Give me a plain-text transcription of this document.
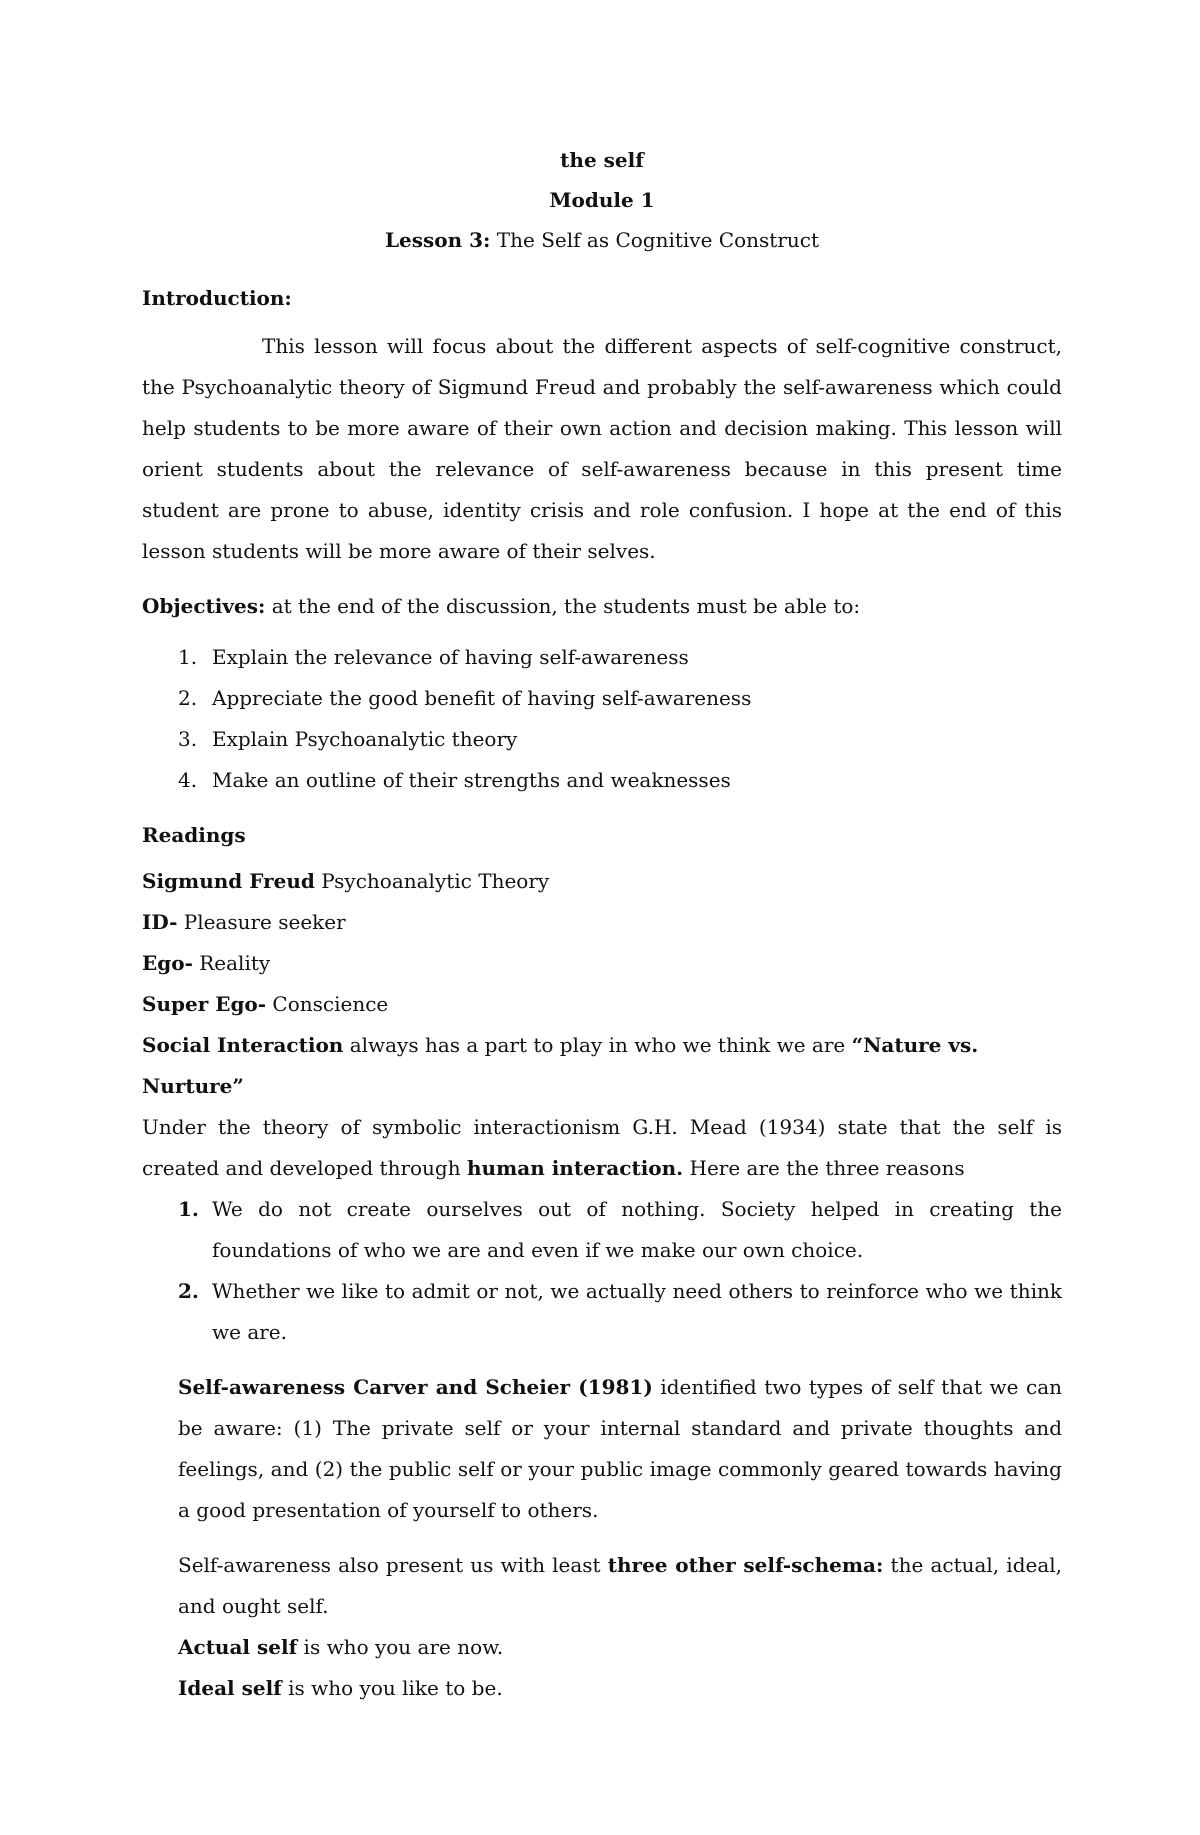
the self
Module 1
Lesson 3: The Self as Cognitive Construct
Introduction:

This lesson will focus about the different aspects of self-cognitive construct, the Psychoanalytic theory of Sigmund Freud and probably the self-awareness which could help students to be more aware of their own action and decision making. This lesson will orient students about the relevance of self-awareness because in this present time student are prone to abuse, identity crisis and role confusion. I hope at the end of this lesson students will be more aware of their selves.

Objectives: at the end of the discussion, the students must be able to:
1. Explain the relevance of having self-awareness
2. Appreciate the good benefit of having self-awareness
3. Explain Psychoanalytic theory
4. Make an outline of their strengths and weaknesses
Readings
Sigmund Freud Psychoanalytic Theory
ID- Pleasure seeker
Ego- Reality
Super Ego- Conscience
Social Interaction always has a part to play in who we think we are “Nature vs. Nurture”
Under the theory of symbolic interactionism G.H. Mead (1934) state that the self is created and developed through human interaction. Here are the three reasons
1. We do not create ourselves out of nothing. Society helped in creating the foundations of who we are and even if we make our own choice.
2. Whether we like to admit or not, we actually need others to reinforce who we think we are.

Self-awareness Carver and Scheier (1981) identified two types of self that we can be aware: (1) The private self or your internal standard and private thoughts and feelings, and (2) the public self or your public image commonly geared towards having a good presentation of yourself to others.

Self-awareness also present us with least three other self-schema: the actual, ideal, and ought self.

Actual self is who you are now.
Ideal self is who you like to be.
